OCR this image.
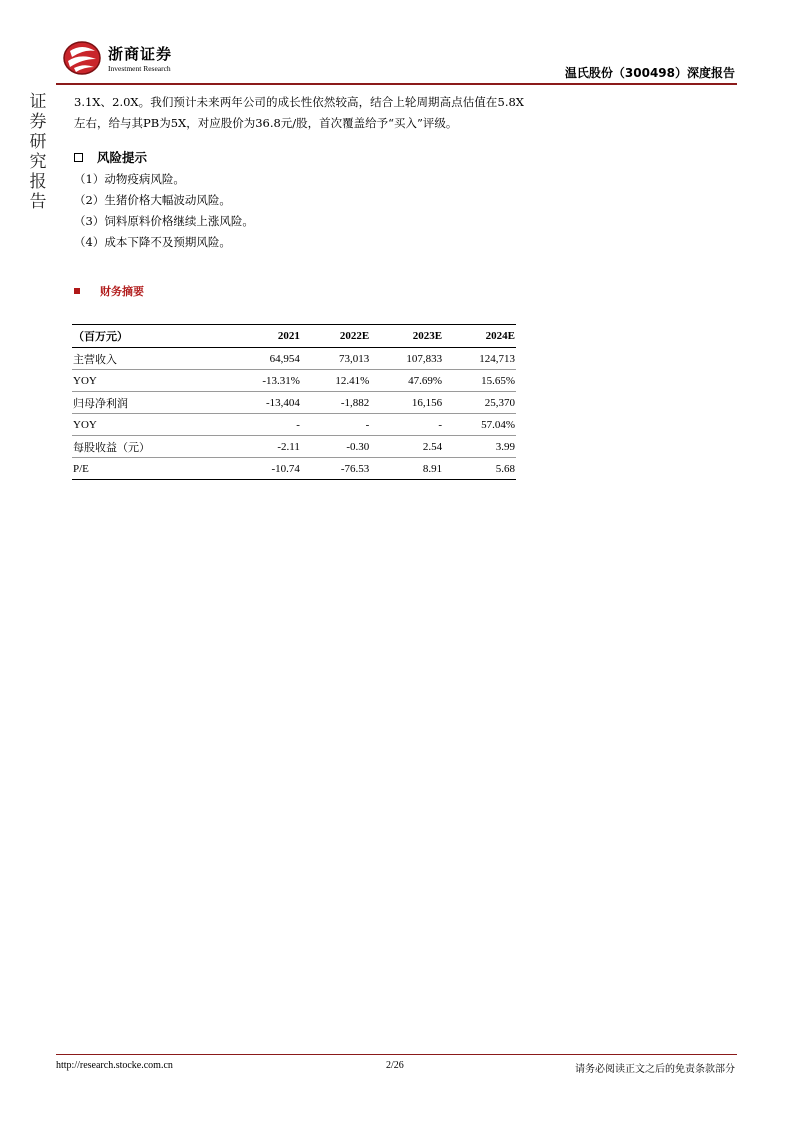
浙商证券
Investment Research	温氏股份（300498）深度报告
证券研究报告

3.1X、2.0X。我们预计未来两年公司的成长性依然较高，结合上轮周期高点估值在5.8X左右，给与其PB为5X，对应股价为36.8元/股，首次覆盖给予“买入”评级。

风险提示
（1）动物疫病风险。
（2）生猪价格大幅波动风险。
（3）饲料原料价格继续上涨风险。
（4）成本下降不及预期风险。
财务摘要
（百万元）	2021	2022E	2023E	2024E
主营收入	64,954	73,013	107,833	124,713
YOY	-13.31%	12.41%	47.69%	15.65%
归母净利润	-13,404	-1,882	16,156	25,370
YOY	-	-	-	57.04%
每股收益（元）	-2.11	-0.30	2.54	3.99
P/E	-10.74	-76.53	8.91	5.68
http://research.stocke.com.cn	2/26	请务必阅读正文之后的免责条款部分
